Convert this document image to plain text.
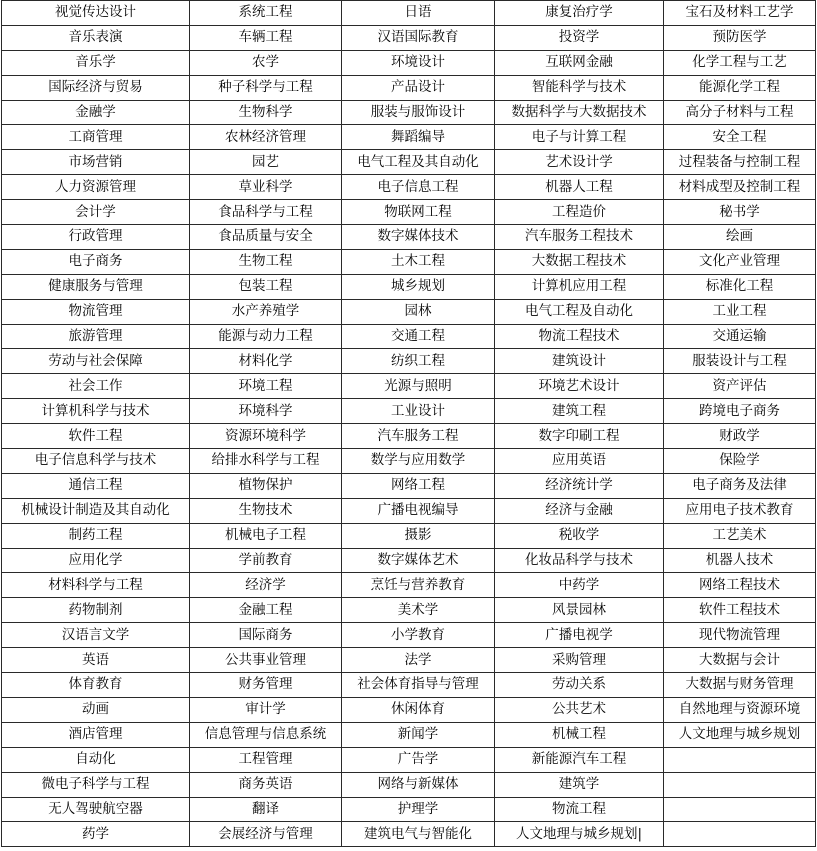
视觉传达设计	系统工程	日语	康复治疗学	宝石及材料工艺学
音乐表演	车辆工程	汉语国际教育	投资学	预防医学
音乐学	农学	环境设计	互联网金融	化学工程与工艺
国际经济与贸易	种子科学与工程	产品设计	智能科学与技术	能源化学工程
金融学	生物科学	服装与服饰设计	数据科学与大数据技术	高分子材料与工程
工商管理	农林经济管理	舞蹈编导	电子与计算工程	安全工程
市场营销	园艺	电气工程及其自动化	艺术设计学	过程装备与控制工程
人力资源管理	草业科学	电子信息工程	机器人工程	材料成型及控制工程
会计学	食品科学与工程	物联网工程	工程造价	秘书学
行政管理	食品质量与安全	数字媒体技术	汽车服务工程技术	绘画
电子商务	生物工程	土木工程	大数据工程技术	文化产业管理
健康服务与管理	包装工程	城乡规划	计算机应用工程	标准化工程
物流管理	水产养殖学	园林	电气工程及自动化	工业工程
旅游管理	能源与动力工程	交通工程	物流工程技术	交通运输
劳动与社会保障	材料化学	纺织工程	建筑设计	服装设计与工程
社会工作	环境工程	光源与照明	环境艺术设计	资产评估
计算机科学与技术	环境科学	工业设计	建筑工程	跨境电子商务
软件工程	资源环境科学	汽车服务工程	数字印刷工程	财政学
电子信息科学与技术	给排水科学与工程	数学与应用数学	应用英语	保险学
通信工程	植物保护	网络工程	经济统计学	电子商务及法律
机械设计制造及其自动化	生物技术	广播电视编导	经济与金融	应用电子技术教育
制药工程	机械电子工程	摄影	税收学	工艺美术
应用化学	学前教育	数字媒体艺术	化妆品科学与技术	机器人技术
材料科学与工程	经济学	烹饪与营养教育	中药学	网络工程技术
药物制剂	金融工程	美术学	风景园林	软件工程技术
汉语言文学	国际商务	小学教育	广播电视学	现代物流管理
英语	公共事业管理	法学	采购管理	大数据与会计
体育教育	财务管理	社会体育指导与管理	劳动关系	大数据与财务管理
动画	审计学	休闲体育	公共艺术	自然地理与资源环境
酒店管理	信息管理与信息系统	新闻学	机械工程	人文地理与城乡规划
自动化	工程管理	广告学	新能源汽车工程	
微电子科学与工程	商务英语	网络与新媒体	建筑学	
无人驾驶航空器	翻译	护理学	物流工程	
药学	会展经济与管理	建筑电气与智能化	人文地理与城乡规划|	
